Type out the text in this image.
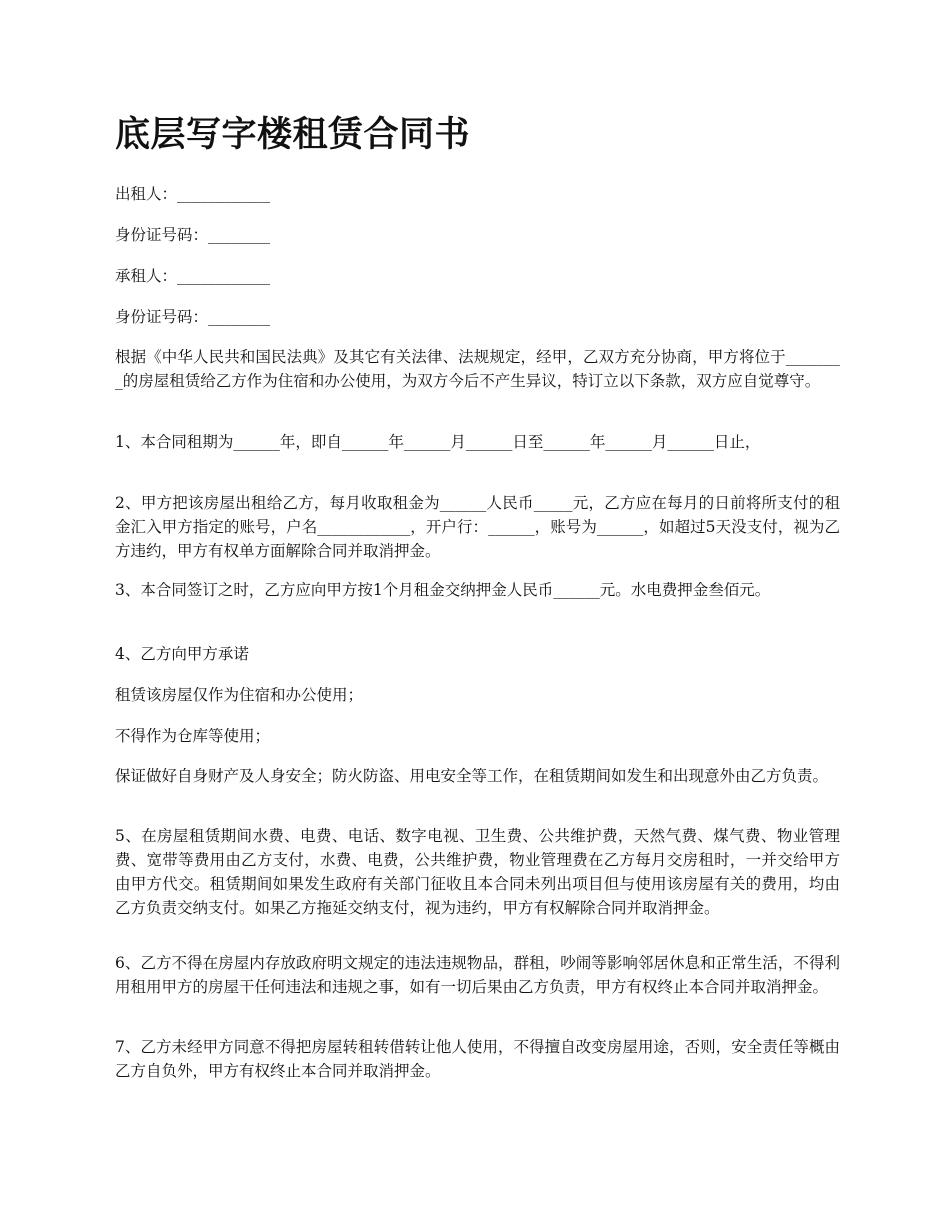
底层写字楼租赁合同书

出租人：____________

身份证号码：________

承租人：____________

身份证号码：________

根据《中华人民共和国民法典》及其它有关法律、法规规定，经甲，乙双方充分协商，甲方将位于________的房屋租赁给乙方作为住宿和办公使用，为双方今后不产生异议，特订立以下条款，双方应自觉尊守。

1、本合同租期为______年，即自______年______月______日至______年______月______日止，

2、甲方把该房屋出租给乙方，每月收取租金为______人民币_____元，乙方应在每月的日前将所支付的租金汇入甲方指定的账号，户名____________，开户行：______，账号为______，如超过5天没支付，视为乙方违约，甲方有权单方面解除合同并取消押金。

3、本合同签订之时，乙方应向甲方按1个月租金交纳押金人民币______元。水电费押金叁佰元。

4、乙方向甲方承诺

租赁该房屋仅作为住宿和办公使用；

不得作为仓库等使用；

保证做好自身财产及人身安全；防火防盗、用电安全等工作，在租赁期间如发生和出现意外由乙方负责。

5、在房屋租赁期间水费、电费、电话、数字电视、卫生费、公共维护费，天然气费、煤气费、物业管理费、宽带等费用由乙方支付，水费、电费，公共维护费，物业管理费在乙方每月交房租时，一并交给甲方由甲方代交。租赁期间如果发生政府有关部门征收且本合同未列出项目但与使用该房屋有关的费用，均由乙方负责交纳支付。如果乙方拖延交纳支付，视为违约，甲方有权解除合同并取消押金。

6、乙方不得在房屋内存放政府明文规定的违法违规物品，群租，吵闹等影响邻居休息和正常生活，不得利用租用甲方的房屋干任何违法和违规之事，如有一切后果由乙方负责，甲方有权终止本合同并取消押金。

7、乙方未经甲方同意不得把房屋转租转借转让他人使用，不得擅自改变房屋用途，否则，安全责任等概由乙方自负外，甲方有权终止本合同并取消押金。
